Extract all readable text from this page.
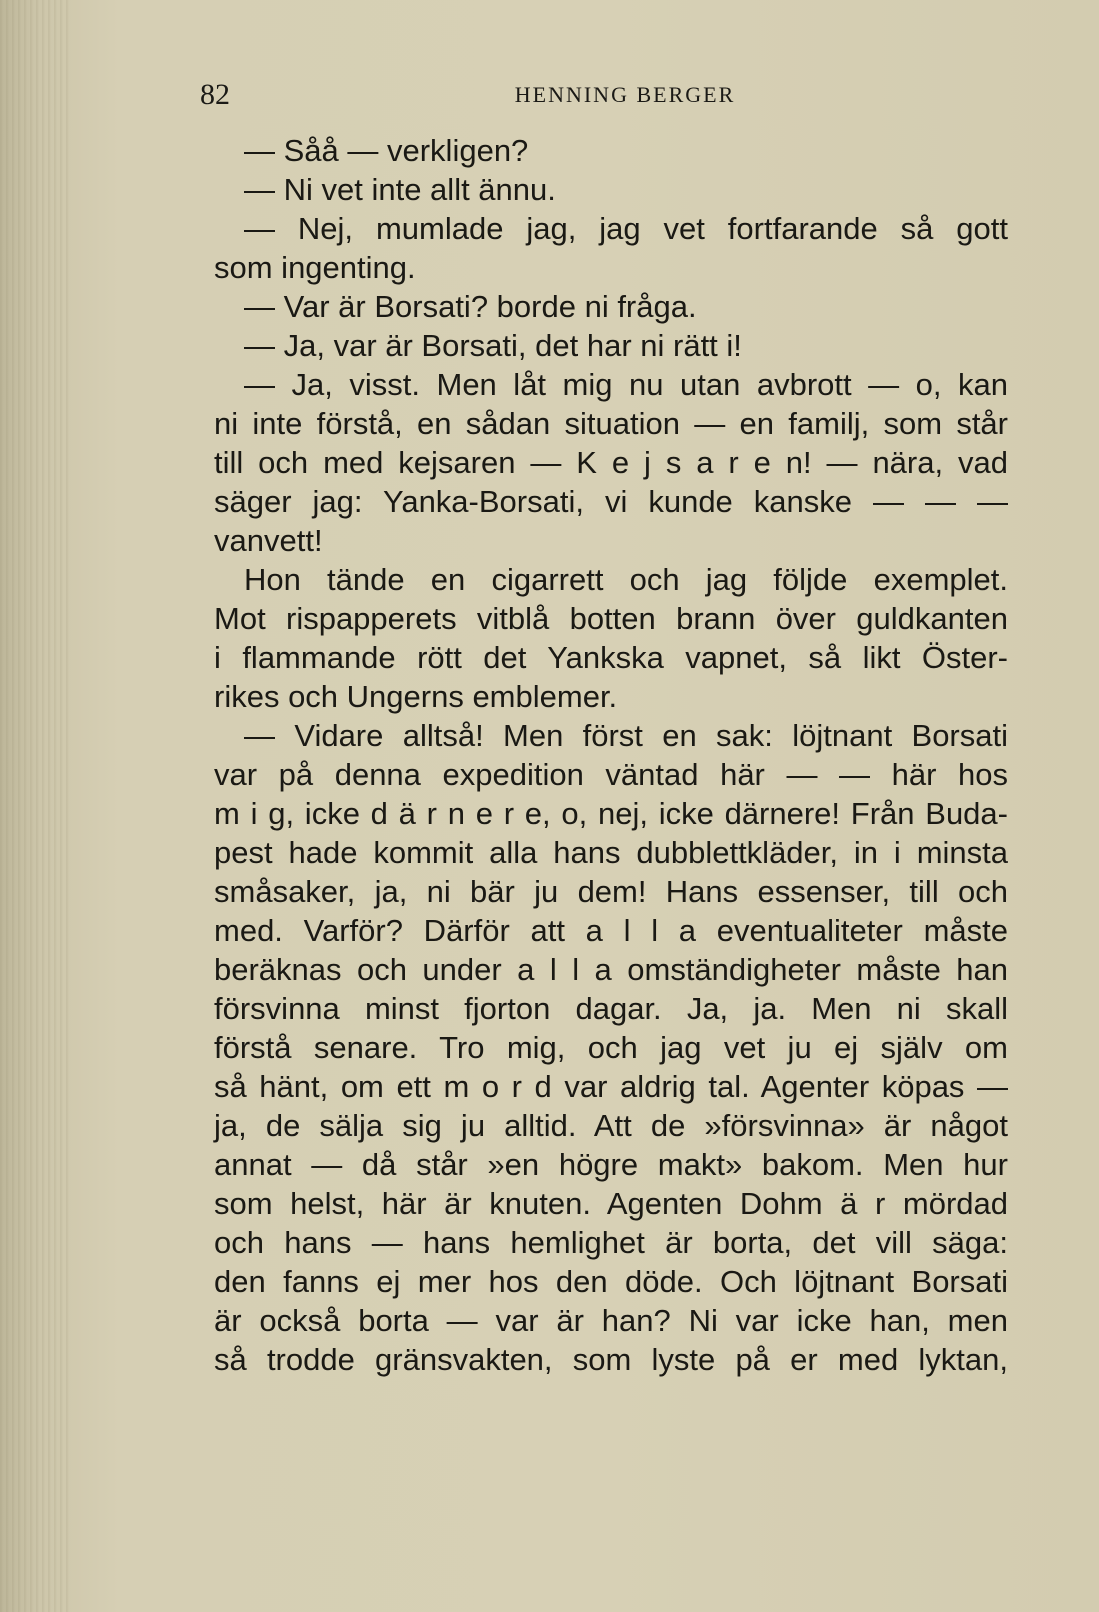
82	HENNING BERGER
— Såå — verkligen?
— Ni vet inte allt ännu.
— Nej, mumlade jag, jag vet fortfarande så gott
som ingenting.
— Var är Borsati? borde ni fråga.
— Ja, var är Borsati, det har ni rätt i!
— Ja, visst. Men låt mig nu utan avbrott — o, kan
ni inte förstå, en sådan situation — en familj, som står
till och med kejsaren — K e j s a r e n! — nära, vad
säger jag: Yanka-Borsati, vi kunde kanske — — —
vanvett!
Hon tände en cigarrett och jag följde exemplet.
Mot rispapperets vitblå botten brann över guldkanten
i flammande rött det Yankska vapnet, så likt Öster-
rikes och Ungerns emblemer.
— Vidare alltså! Men först en sak: löjtnant Borsati
var på denna expedition väntad här — — här hos
m i g, icke d ä r n e r e, o, nej, icke därnere! Från Buda-
pest hade kommit alla hans dubblettkläder, in i minsta
småsaker, ja, ni bär ju dem! Hans essenser, till och
med. Varför? Därför att a l l a eventualiteter måste
beräknas och under a l l a omständigheter måste han
försvinna minst fjorton dagar. Ja, ja. Men ni skall
förstå senare. Tro mig, och jag vet ju ej själv om
så hänt, om ett m o r d var aldrig tal. Agenter köpas —
ja, de sälja sig ju alltid. Att de »försvinna» är något
annat — då står »en högre makt» bakom. Men hur
som helst, här är knuten. Agenten Dohm ä r mördad
och hans — hans hemlighet är borta, det vill säga:
den fanns ej mer hos den döde. Och löjtnant Borsati
är också borta — var är han? Ni var icke han, men
så trodde gränsvakten, som lyste på er med lyktan,
